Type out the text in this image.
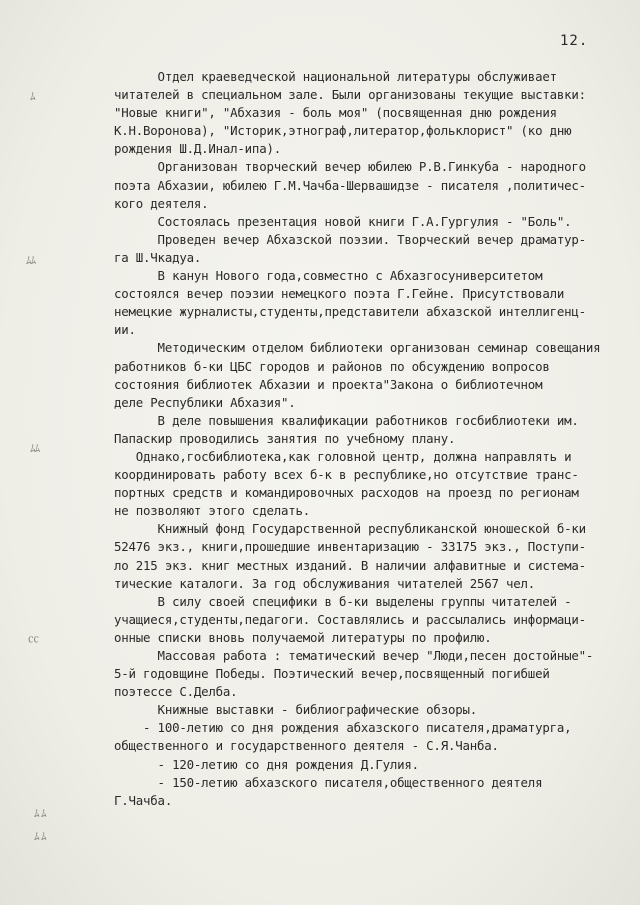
12.
ﾑ
ﾑﾑ
ﾑﾑ
㏄
ﾑ ﾑ
ﾑ ﾑ
Отдел краеведческой национальной литературы обслуживает
читателей в специальном зале. Были организованы текущие выставки:
"Новые книги", "Абхазия - боль моя" (посвященная дню рождения
К.Н.Воронова), "Историк,этнограф,литератор,фольклорист" (ко дню
рождения Ш.Д.Инал-ипа).
Организован творческий вечер юбилею Р.В.Гинкуба - народного
поэта Абхазии, юбилею Г.М.Чачба-Шервашидзе - писателя ,политичес-
кого деятеля.
Состоялась презентация новой книги Г.А.Гургулия - "Боль".
Проведен вечер Абхазской поэзии. Творческий вечер драматур-
га Ш.Чкадуа.
В канун Нового года,совместно с Абхазгосуниверситетом
состоялся вечер поэзии немецкого поэта Г.Гейне. Присутствовали
немецкие журналисты,студенты,представители абхазской интеллигенц-
ии.
Методическим отделом библиотеки организован семинар совещания
работников б-ки ЦБС городов и районов по обсуждению вопросов
состояния библиотек Абхазии и проекта"Закона о библиотечном
деле Республики Абхазия".
В деле повышения квалификации работников госбиблиотеки им.
Папаскир проводились занятия по учебному плану.
Однако,госбиблиотека,как головной центр, должна направлять и
координировать работу всех б-к в республике,но отсутствие транс-
портных средств и командировочных расходов на проезд по регионам
не позволяют этого сделать.
Книжный фонд Государственной республиканской юношеской б-ки
52476 экз., книги,прошедшие инвентаризацию - 33175 экз., Поступи-
ло 215 экз. книг местных изданий. В наличии алфавитные и система-
тические каталоги. За год обслуживания читателей 2567 чел.
В силу своей специфики в б-ки выделены группы читателей -
учащиеся,студенты,педагоги. Составлялись и рассылались информаци-
онные списки вновь получаемой литературы по профилю.
Массовая работа : тематический вечер "Люди,песен достойные"-
5-й годовщине Победы. Поэтический вечер,посвященный погибшей
поэтессе С.Делба.
Книжные выставки - библиографические обзоры.
- 100-летию со дня рождения абхазского писателя,драматурга,
общественного и государственного деятеля - С.Я.Чанба.
- 120-летию со дня рождения Д.Гулия.
- 150-летию абхазского писателя,общественного деятеля
Г.Чачба.
